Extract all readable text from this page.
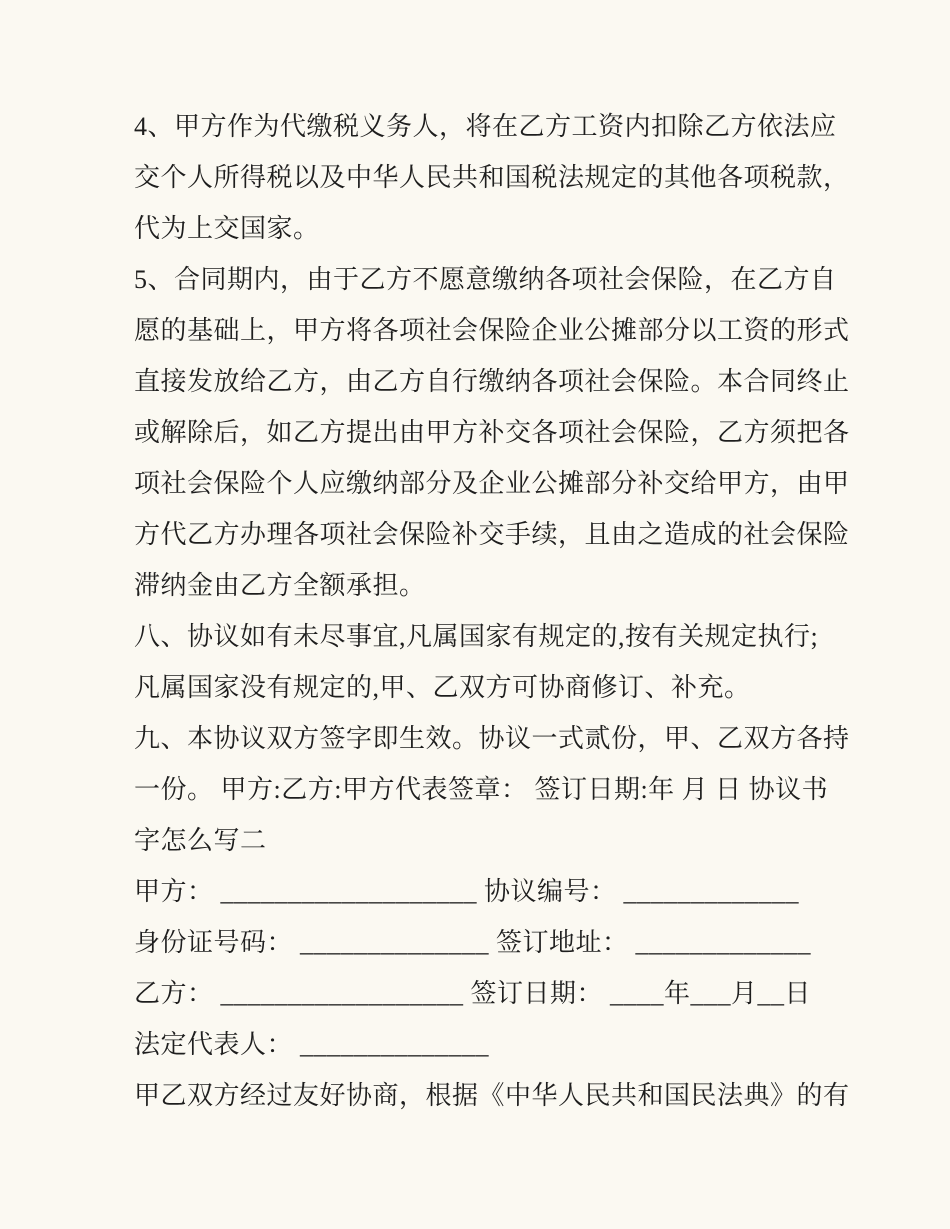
4、甲方作为代缴税义务人，将在乙方工资内扣除乙方依法应
交个人所得税以及中华人民共和国税法规定的其他各项税款，
代为上交国家。
5、合同期内，由于乙方不愿意缴纳各项社会保险，在乙方自
愿的基础上，甲方将各项社会保险企业公摊部分以工资的形式
直接发放给乙方，由乙方自行缴纳各项社会保险。本合同终止
或解除后，如乙方提出由甲方补交各项社会保险，乙方须把各
项社会保险个人应缴纳部分及企业公摊部分补交给甲方，由甲
方代乙方办理各项社会保险补交手续，且由之造成的社会保险
滞纳金由乙方全额承担。
八、协议如有未尽事宜,凡属国家有规定的,按有关规定执行;
凡属国家没有规定的,甲、乙双方可协商修订、补充。
九、本协议双方签字即生效。协议一式贰份，甲、乙双方各持
一份。 甲方:乙方:甲方代表签章： 签订日期:年 月 日 协议书
字怎么写二
甲方： ___________________ 协议编号： _____________
身份证号码： ______________ 签订地址： _____________
乙方： __________________ 签订日期： ____年___月__日
法定代表人： ______________
甲乙双方经过友好协商，根据《中华人民共和国民法典》的有
